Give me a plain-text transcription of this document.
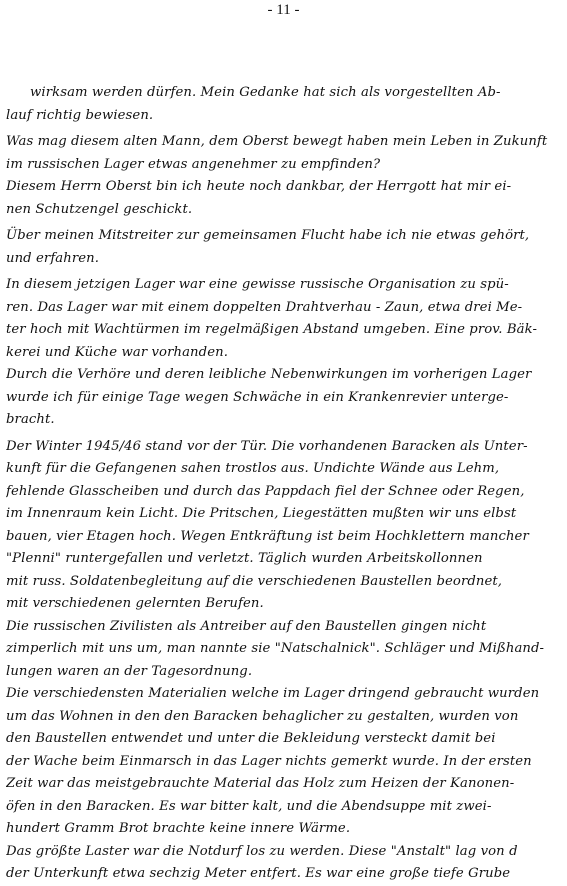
- 11 -
wirksam werden dürfen. Mein Gedanke hat sich als vorgestellten Ab-
lauf richtig bewiesen.
Was mag diesem alten Mann, dem Oberst bewegt haben mein Leben in Zukunft
im russischen Lager etwas angenehmer zu empfinden?
Diesem Herrn Oberst bin ich heute noch dankbar, der Herrgott hat mir ei-
nen Schutzengel geschickt.
Über meinen Mitstreiter zur gemeinsamen Flucht habe ich nie etwas gehört,
und erfahren.
In diesem jetzigen Lager war eine gewisse russische Organisation zu spü-
ren. Das Lager war mit einem doppelten Drahtverhau - Zaun, etwa drei Me-
ter hoch mit Wachtürmen im regelmäßigen Abstand umgeben. Eine prov. Bäk-
kerei und Küche war vorhanden.
Durch die Verhöre und deren leibliche Nebenwirkungen im vorherigen Lager
wurde ich für einige Tage wegen Schwäche in ein Krankenrevier unterge-
bracht.
Der Winter 1945/46 stand vor der Tür. Die vorhandenen Baracken als Unter-
kunft für die Gefangenen sahen trostlos aus. Undichte Wände aus Lehm,
fehlende Glasscheiben und durch das Pappdach fiel der Schnee oder Regen,
im Innenraum kein Licht. Die Pritschen, Liegestätten mußten wir uns elbst
bauen, vier Etagen hoch. Wegen Entkräftung ist beim Hochklettern mancher
"Plenni" runtergefallen und verletzt. Täglich wurden Arbeitskollonnen
mit russ. Soldatenbegleitung auf die verschiedenen Baustellen beordnet,
mit verschiedenen gelernten Berufen.
Die russischen Zivilisten als Antreiber auf den Baustellen gingen nicht
zimperlich mit uns um, man nannte sie "Natschalnick". Schläger und Mißhand-
lungen waren an der Tagesordnung.
Die verschiedensten Materialien welche im Lager dringend gebraucht wurden
um das Wohnen in den den Baracken behaglicher zu gestalten, wurden von
den Baustellen entwendet und unter die Bekleidung versteckt damit bei
der Wache beim Einmarsch in das Lager nichts gemerkt wurde. In der ersten
Zeit war das meistgebrauchte Material das Holz zum Heizen der Kanonen-
öfen in den Baracken. Es war bitter kalt, und die Abendsuppe mit zwei-
hundert Gramm Brot brachte keine innere Wärme.
Das größte Laster war die Notdurf los zu werden. Diese "Anstalt" lag von d
der Unterkunft etwa sechzig Meter entfert. Es war eine große tiefe Grube
